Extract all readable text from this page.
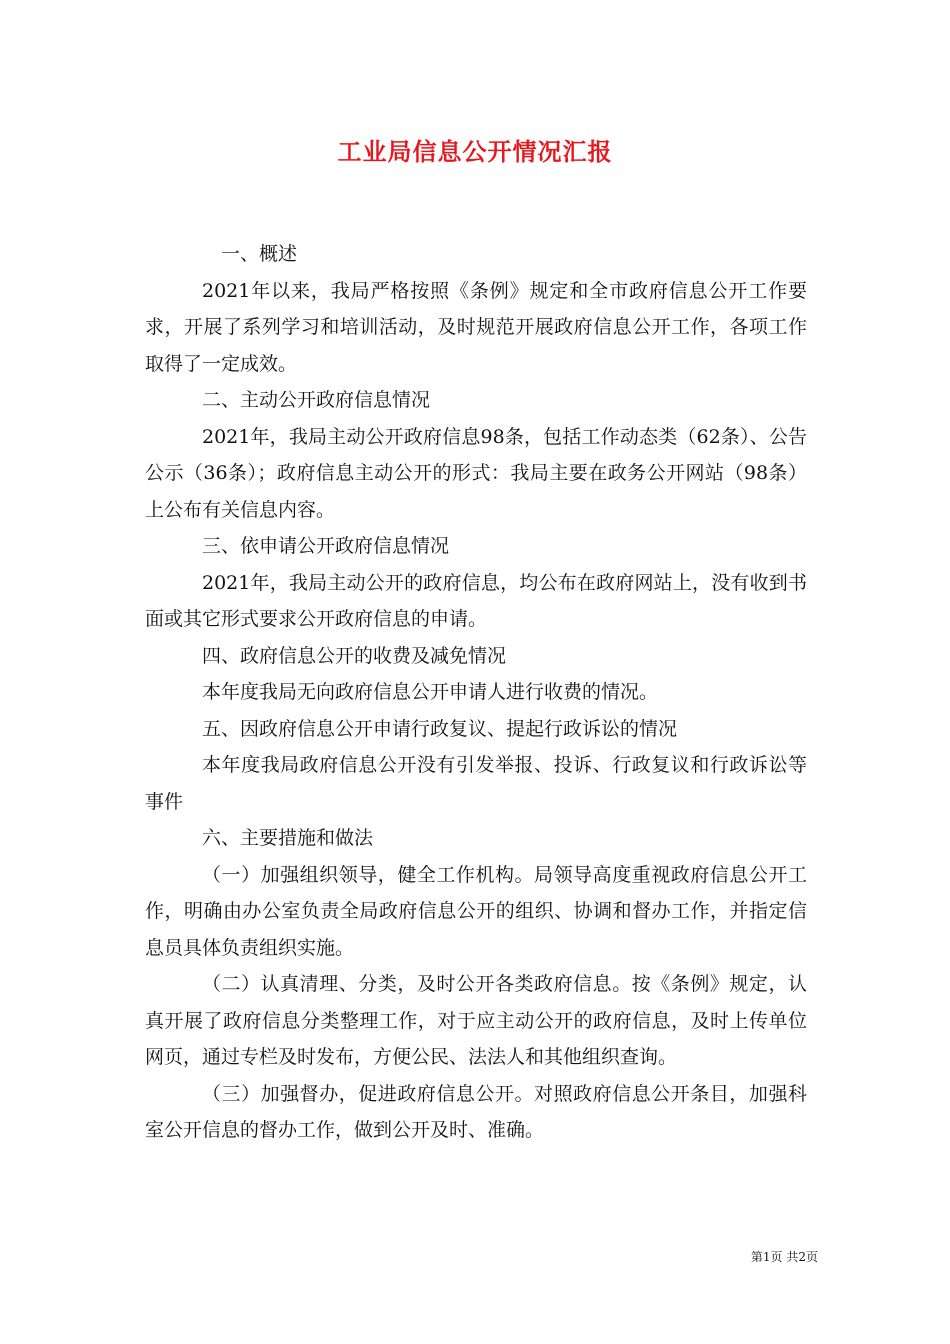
工业局信息公开情况汇报

一、概述

2021年以来，我局严格按照《条例》规定和全市政府信息公开工作要求，开展了系列学习和培训活动，及时规范开展政府信息公开工作，各项工作取得了一定成效。

二、主动公开政府信息情况

2021年，我局主动公开政府信息98条，包括工作动态类（62条）、公告公示（36条）；政府信息主动公开的形式：我局主要在政务公开网站（98条）上公布有关信息内容。

三、依申请公开政府信息情况

2021年，我局主动公开的政府信息，均公布在政府网站上，没有收到书面或其它形式要求公开政府信息的申请。

四、政府信息公开的收费及减免情况

本年度我局无向政府信息公开申请人进行收费的情况。

五、因政府信息公开申请行政复议、提起行政诉讼的情况

本年度我局政府信息公开没有引发举报、投诉、行政复议和行政诉讼等事件

六、主要措施和做法

（一）加强组织领导，健全工作机构。局领导高度重视政府信息公开工作，明确由办公室负责全局政府信息公开的组织、协调和督办工作，并指定信息员具体负责组织实施。

（二）认真清理、分类，及时公开各类政府信息。按《条例》规定，认真开展了政府信息分类整理工作，对于应主动公开的政府信息，及时上传单位网页，通过专栏及时发布，方便公民、法法人和其他组织查询。

（三）加强督办，促进政府信息公开。对照政府信息公开条目，加强科室公开信息的督办工作，做到公开及时、准确。

第1页 共2页
